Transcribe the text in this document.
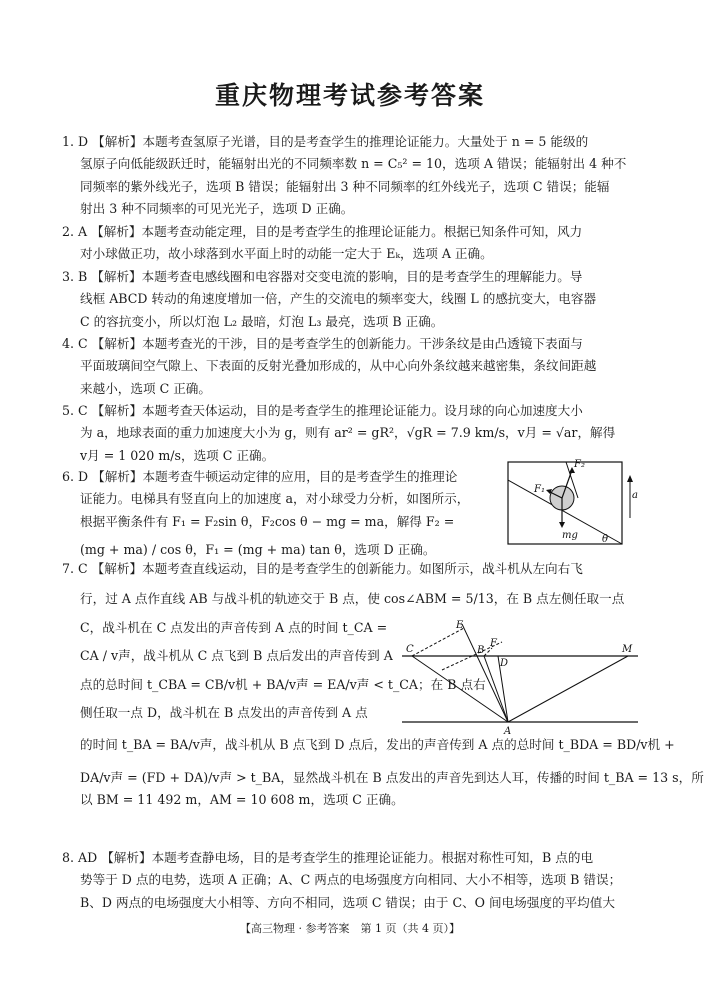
重庆物理考试参考答案
1. D 【解析】本题考查氢原子光谱，目的是考查学生的推理论证能力。大量处于 n = 5 能级的
氢原子向低能级跃迁时，能辐射出光的不同频率数 n = C₅² = 10，选项 A 错误；能辐射出 4 种不
同频率的紫外线光子，选项 B 错误；能辐射出 3 种不同频率的红外线光子，选项 C 错误；能辐
射出 3 种不同频率的可见光光子，选项 D 正确。
2. A 【解析】本题考查动能定理，目的是考查学生的推理论证能力。根据已知条件可知，风力
对小球做正功，故小球落到水平面上时的动能一定大于 Eₖ，选项 A 正确。
3. B 【解析】本题考查电感线圈和电容器对交变电流的影响，目的是考查学生的理解能力。导
线框 ABCD 转动的角速度增加一倍，产生的交流电的频率变大，线圈 L 的感抗变大，电容器
C 的容抗变小，所以灯泡 L₂ 最暗，灯泡 L₃ 最亮，选项 B 正确。
4. C 【解析】本题考查光的干涉，目的是考查学生的创新能力。干涉条纹是由凸透镜下表面与
平面玻璃间空气隙上、下表面的反射光叠加形成的，从中心向外条纹越来越密集，条纹间距越
来越小，选项 C 正确。
5. C 【解析】本题考查天体运动，目的是考查学生的推理论证能力。设月球的向心加速度大小
为 a，地球表面的重力加速度大小为 g，则有 ar² = gR²，√gR = 7.9 km/s，v月 = √ar，解得
v月 = 1 020 m/s，选项 C 正确。
6. D 【解析】本题考查牛顿运动定律的应用，目的是考查学生的推理论
证能力。电梯具有竖直向上的加速度 a，对小球受力分析，如图所示，
根据平衡条件有 F₁ = F₂sin θ，F₂cos θ − mg = ma，解得 F₂ =
(mg + ma) / cos θ，F₁ = (mg + ma) tan θ，选项 D 正确。
F₂
F₁
mg
a
θ
7. C 【解析】本题考查直线运动，目的是考查学生的创新能力。如图所示，战斗机从左向右飞
行，过 A 点作直线 AB 与战斗机的轨迹交于 B 点，使 cos∠ABM = 5/13，在 B 点左侧任取一点
C，战斗机在 C 点发出的声音传到 A 点的时间 t_CA =
CA / v声，战斗机从 C 点飞到 B 点后发出的声音传到 A
点的总时间 t_CBA = CB/v机 + BA/v声 = EA/v声 < t_CA；在 B 点右
侧任取一点 D，战斗机在 B 点发出的声音传到 A 点
的时间 t_BA = BA/v声，战斗机从 B 点飞到 D 点后，发出的声音传到 A 点的总时间 t_BDA = BD/v机 +
DA/v声 = (FD + DA)/v声 > t_BA，显然战斗机在 B 点发出的声音先到达人耳，传播的时间 t_BA = 13 s，所
以 BM = 11 492 m，AM = 10 608 m，选项 C 正确。
C
E
B
F
D
M
A
8. AD 【解析】本题考查静电场，目的是考查学生的推理论证能力。根据对称性可知，B 点的电
势等于 D 点的电势，选项 A 正确；A、C 两点的电场强度方向相同、大小不相等，选项 B 错误；
B、D 两点的电场强度大小相等、方向不相同，选项 C 错误；由于 C、O 间电场强度的平均值大
【高三物理 · 参考答案　第 1 页（共 4 页）】
